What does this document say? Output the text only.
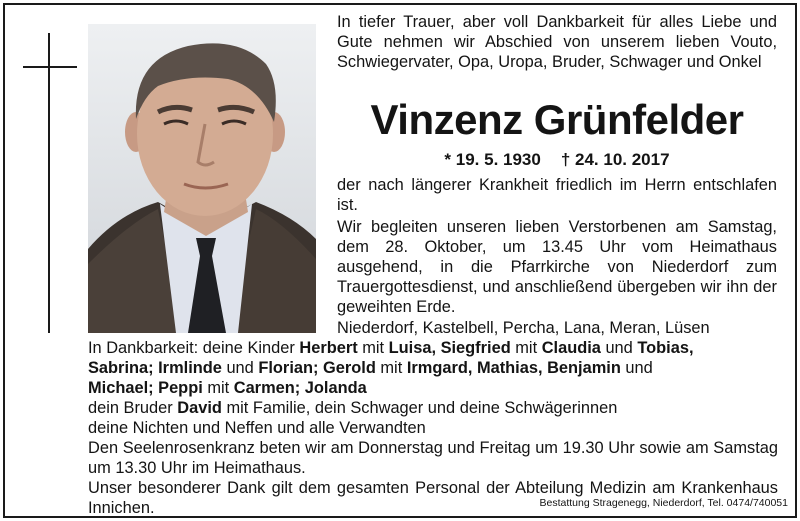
In tiefer Trauer, aber voll Dankbarkeit für alles Liebe und Gute nehmen wir Abschied von unserem lieben Vouto, Schwiegervater, Opa, Uropa, Bruder, Schwager und Onkel
Vinzenz Grünfelder
* 19. 5. 1930 † 24. 10. 2017
der nach längerer Krankheit friedlich im Herrn entschlafen ist.
Wir begleiten unseren lieben Verstorbenen am Samstag, dem 28. Oktober, um 13.45 Uhr vom Heimathaus ausgehend, in die Pfarrkirche von Niederdorf zum Trauergottesdienst, und anschließend übergeben wir ihn der geweihten Erde.
Niederdorf, Kastelbell, Percha, Lana, Meran, Lüsen
In Dankbarkeit: deine Kinder Herbert mit Luisa, Siegfried mit Claudia und Tobias,
Sabrina; Irmlinde und Florian; Gerold mit Irmgard, Mathias, Benjamin und
Michael; Peppi mit Carmen; Jolanda
dein Bruder David mit Familie, dein Schwager und deine Schwägerinnen
deine Nichten und Neffen und alle Verwandten
Den Seelenrosenkranz beten wir am Donnerstag und Freitag um 19.30 Uhr sowie am Samstag um 13.30 Uhr im Heimathaus.
Unser besonderer Dank gilt dem gesamten Personal der Abteilung Medizin am Krankenhaus Innichen.	Bestattung Stragenegg, Niederdorf, Tel. 0474/740051
